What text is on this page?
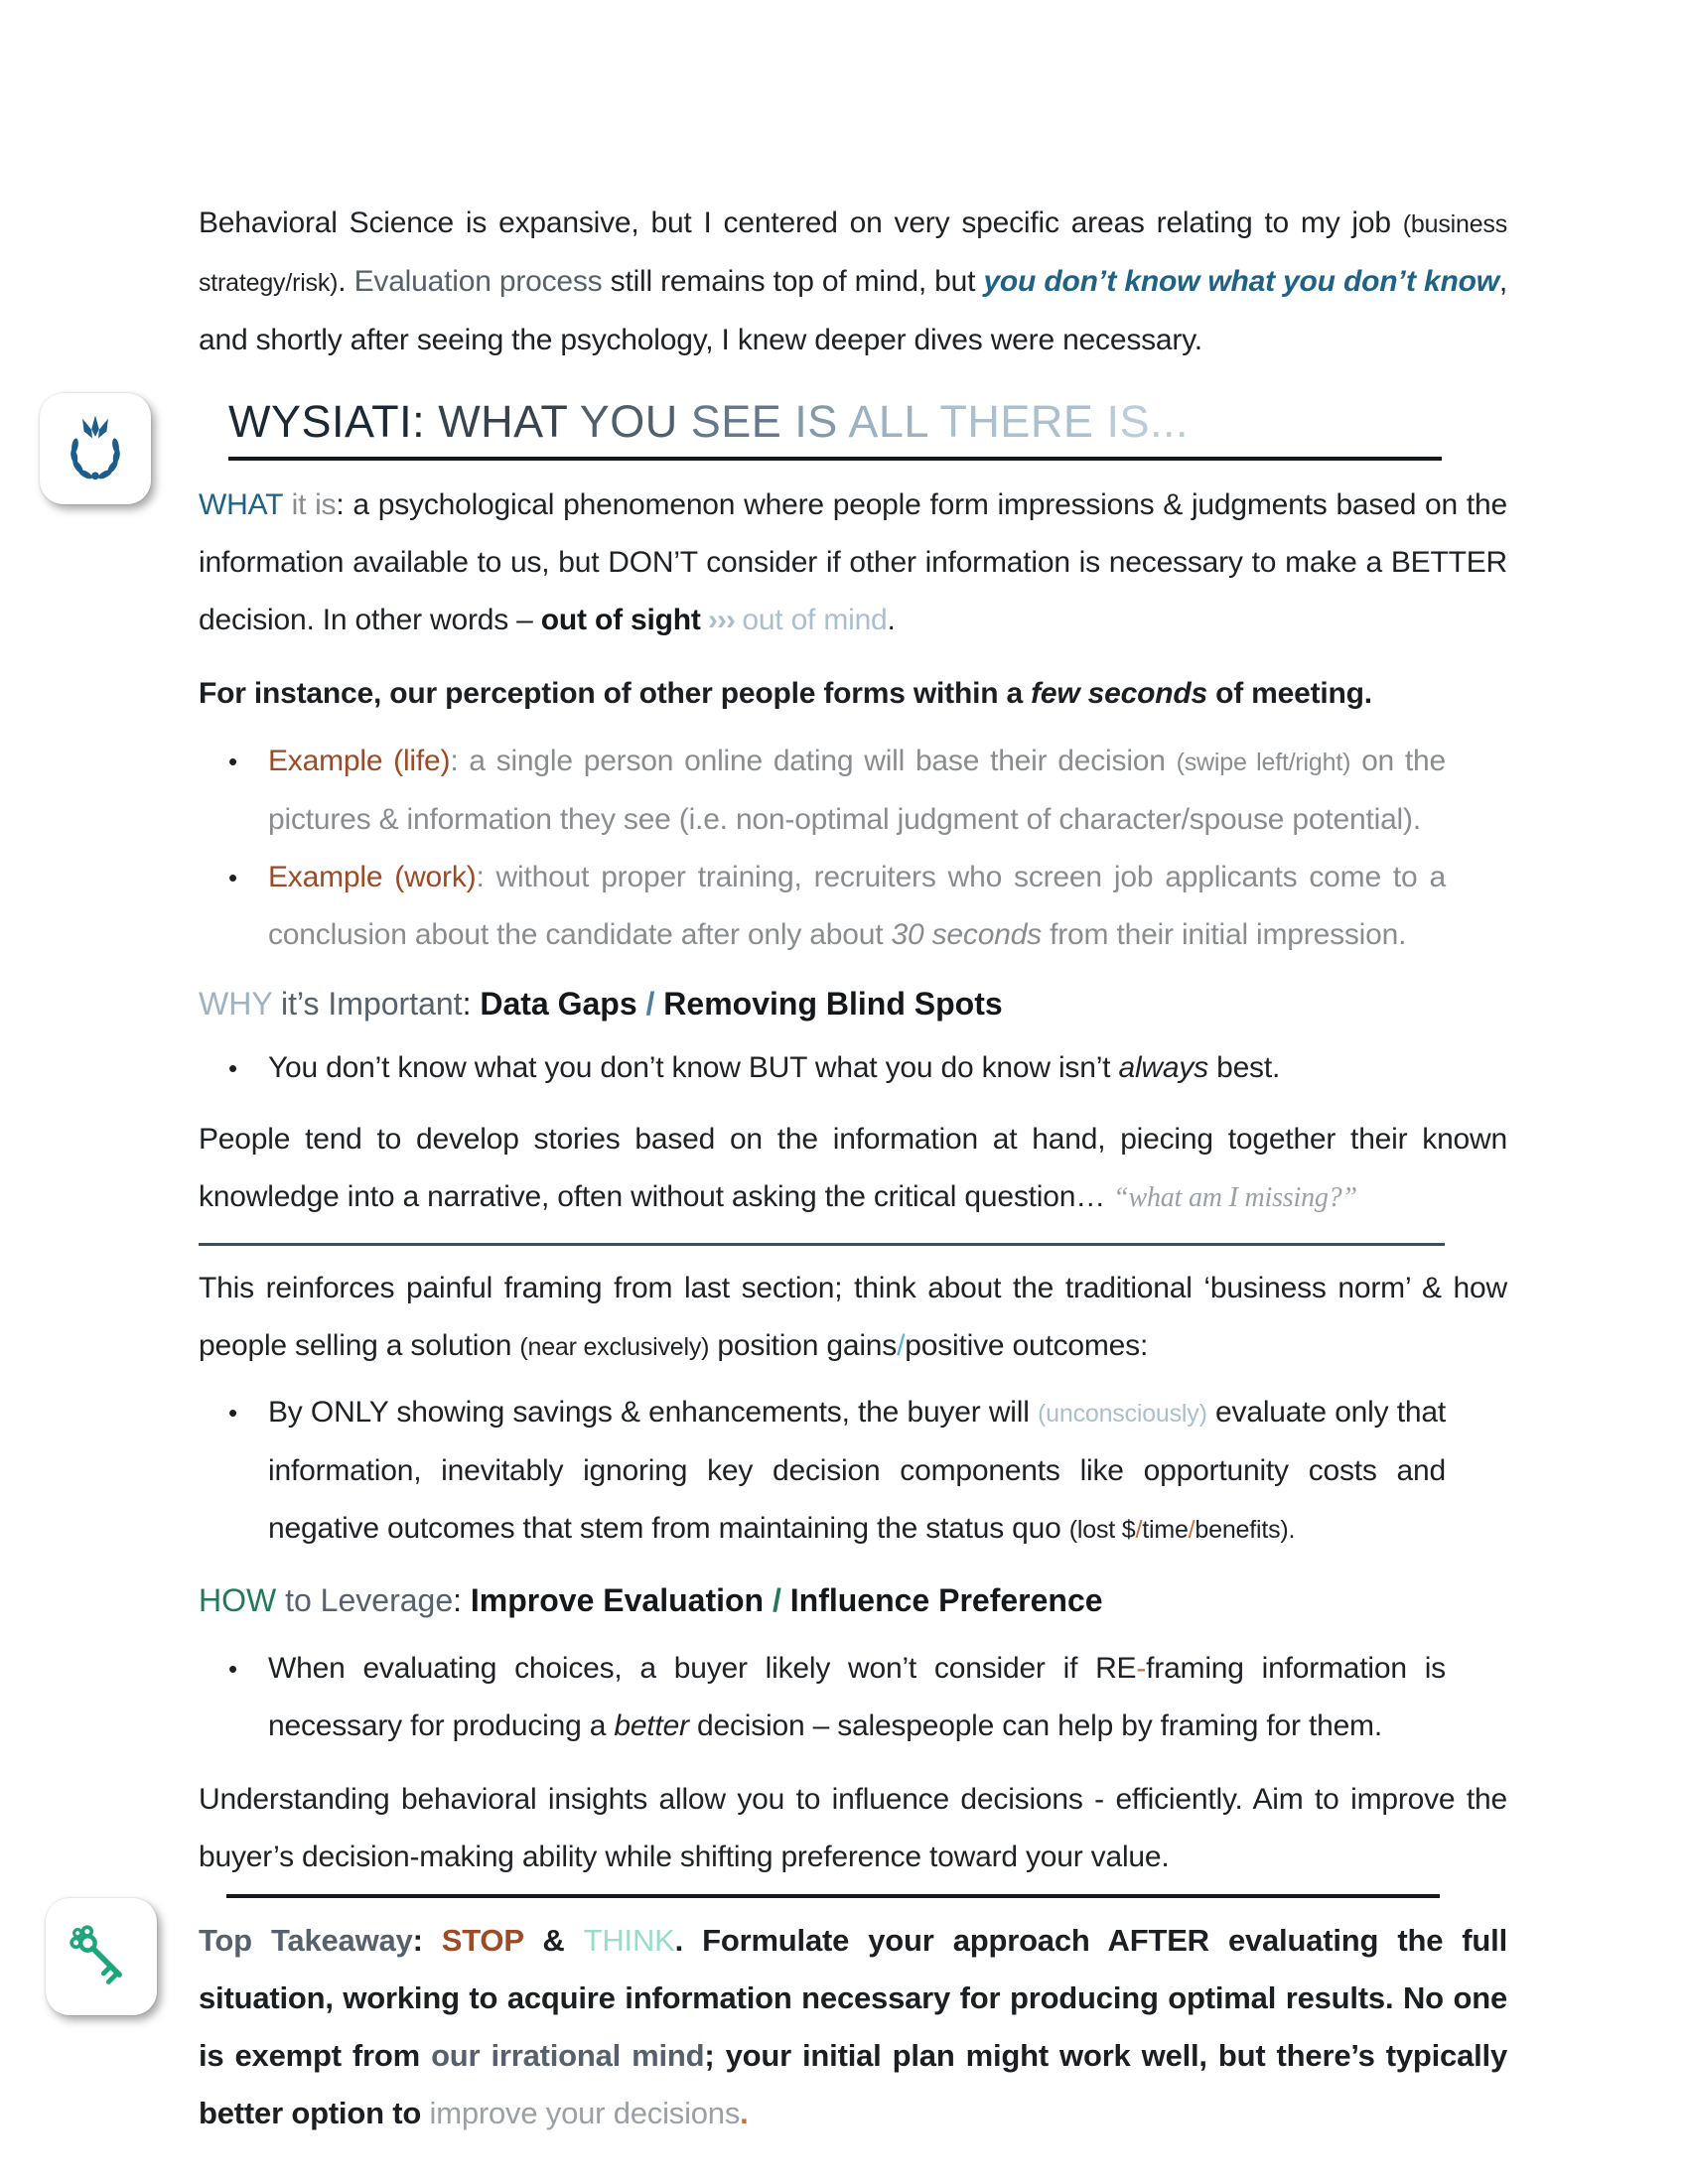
Behavioral Science is expansive, but I centered on very specific areas relating to my job (business strategy/risk). Evaluation process still remains top of mind, but you don’t know what you don’t know, and shortly after seeing the psychology, I knew deeper dives were necessary.

WYSIATI: WHAT YOU SEE IS ALL THERE IS...

WHAT it is: a psychological phenomenon where people form impressions & judgments based on the information available to us, but DON’T consider if other information is necessary to make a BETTER decision. In other words – out of sight ››› out of mind.

For instance, our perception of other people forms within a few seconds of meeting.

•	Example (life): a single person online dating will base their decision (swipe left/right) on the pictures & information they see (i.e. non-optimal judgment of character/spouse potential).
•	Example (work): without proper training, recruiters who screen job applicants come to a conclusion about the candidate after only about 30 seconds from their initial impression.
WHY it’s Important: Data Gaps / Removing Blind Spots
•	You don’t know what you don’t know BUT what you do know isn’t always best.

People tend to develop stories based on the information at hand, piecing together their known knowledge into a narrative, often without asking the critical question… “what am I missing?”

This reinforces painful framing from last section; think about the traditional ‘business norm’ & how people selling a solution (near exclusively) position gains/positive outcomes:

•	By ONLY showing savings & enhancements, the buyer will (unconsciously) evaluate only that information, inevitably ignoring key decision components like opportunity costs and negative outcomes that stem from maintaining the status quo (lost $/time/benefits).
HOW to Leverage: Improve Evaluation / Influence Preference
•	When evaluating choices, a buyer likely won’t consider if RE-framing information is necessary for producing a better decision – salespeople can help by framing for them.

Understanding behavioral insights allow you to influence decisions - efficiently. Aim to improve the buyer’s decision-making ability while shifting preference toward your value.

Top Takeaway: STOP & THINK. Formulate your approach AFTER evaluating the full situation, working to acquire information necessary for producing optimal results. No one is exempt from our irrational mind; your initial plan might work well, but there’s typically better option to improve your decisions.
